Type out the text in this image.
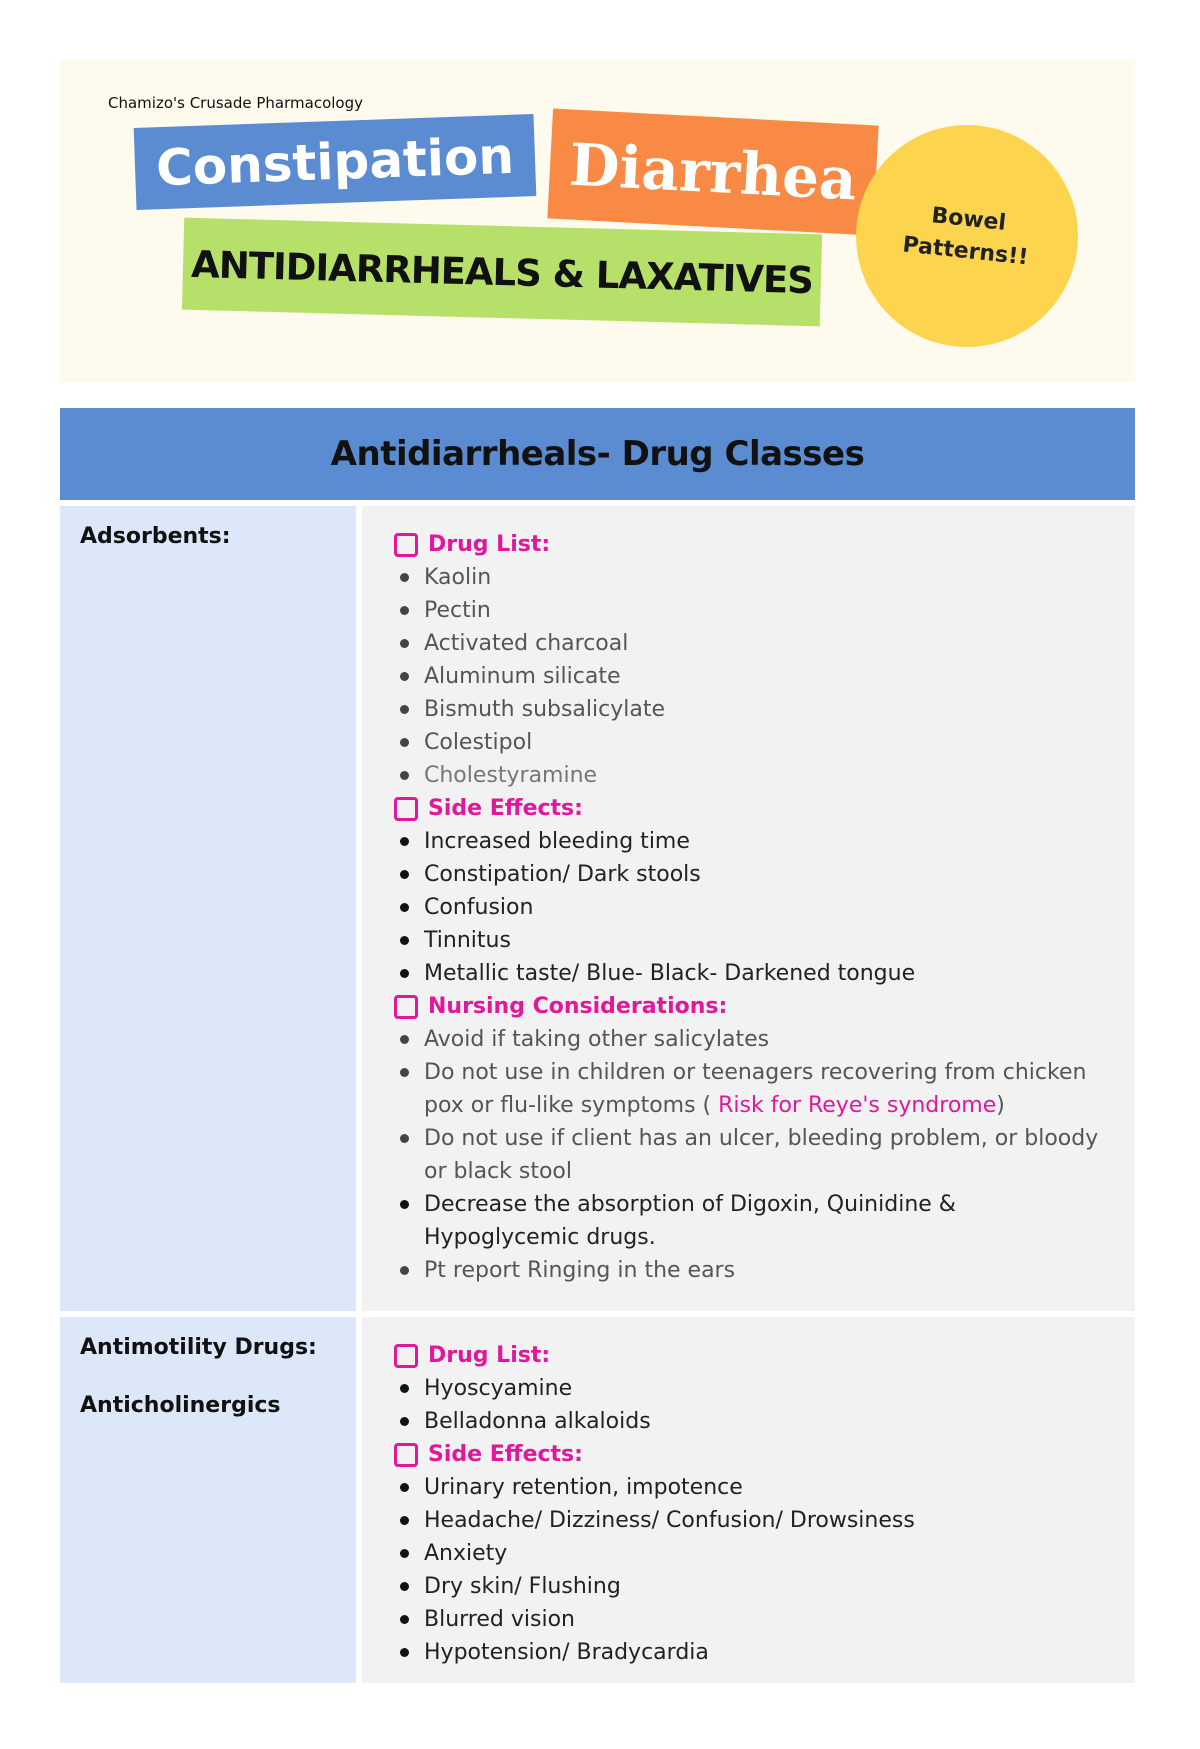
Chamizo's Crusade Pharmacology
Constipation Diarrhea
ANTIDIARRHEALS & LAXATIVES
Bowel
Patterns!!
Antidiarrheals- Drug Classes
Adsorbents:	Drug List:
Kaolin
Pectin
Activated charcoal
Aluminum silicate
Bismuth subsalicylate
Colestipol
Cholestyramine
Side Effects:
Increased bleeding time
Constipation/ Dark stools
Confusion
Tinnitus
Metallic taste/ Blue- Black- Darkened tongue
Nursing Considerations:
Avoid if taking other salicylates
Do not use in children or teenagers recovering from chicken pox or flu-like symptoms ( Risk for Reye's syndrome)
Do not use if client has an ulcer, bleeding problem, or bloody or black stool
Decrease the absorption of Digoxin, Quinidine & Hypoglycemic drugs.
Pt report Ringing in the ears
Antimotility Drugs:
Anticholinergics
Drug List:
Hyoscyamine
Belladonna alkaloids
Side Effects:
Urinary retention, impotence
Headache/ Dizziness/ Confusion/ Drowsiness
Anxiety
Dry skin/ Flushing
Blurred vision
Hypotension/ Bradycardia
